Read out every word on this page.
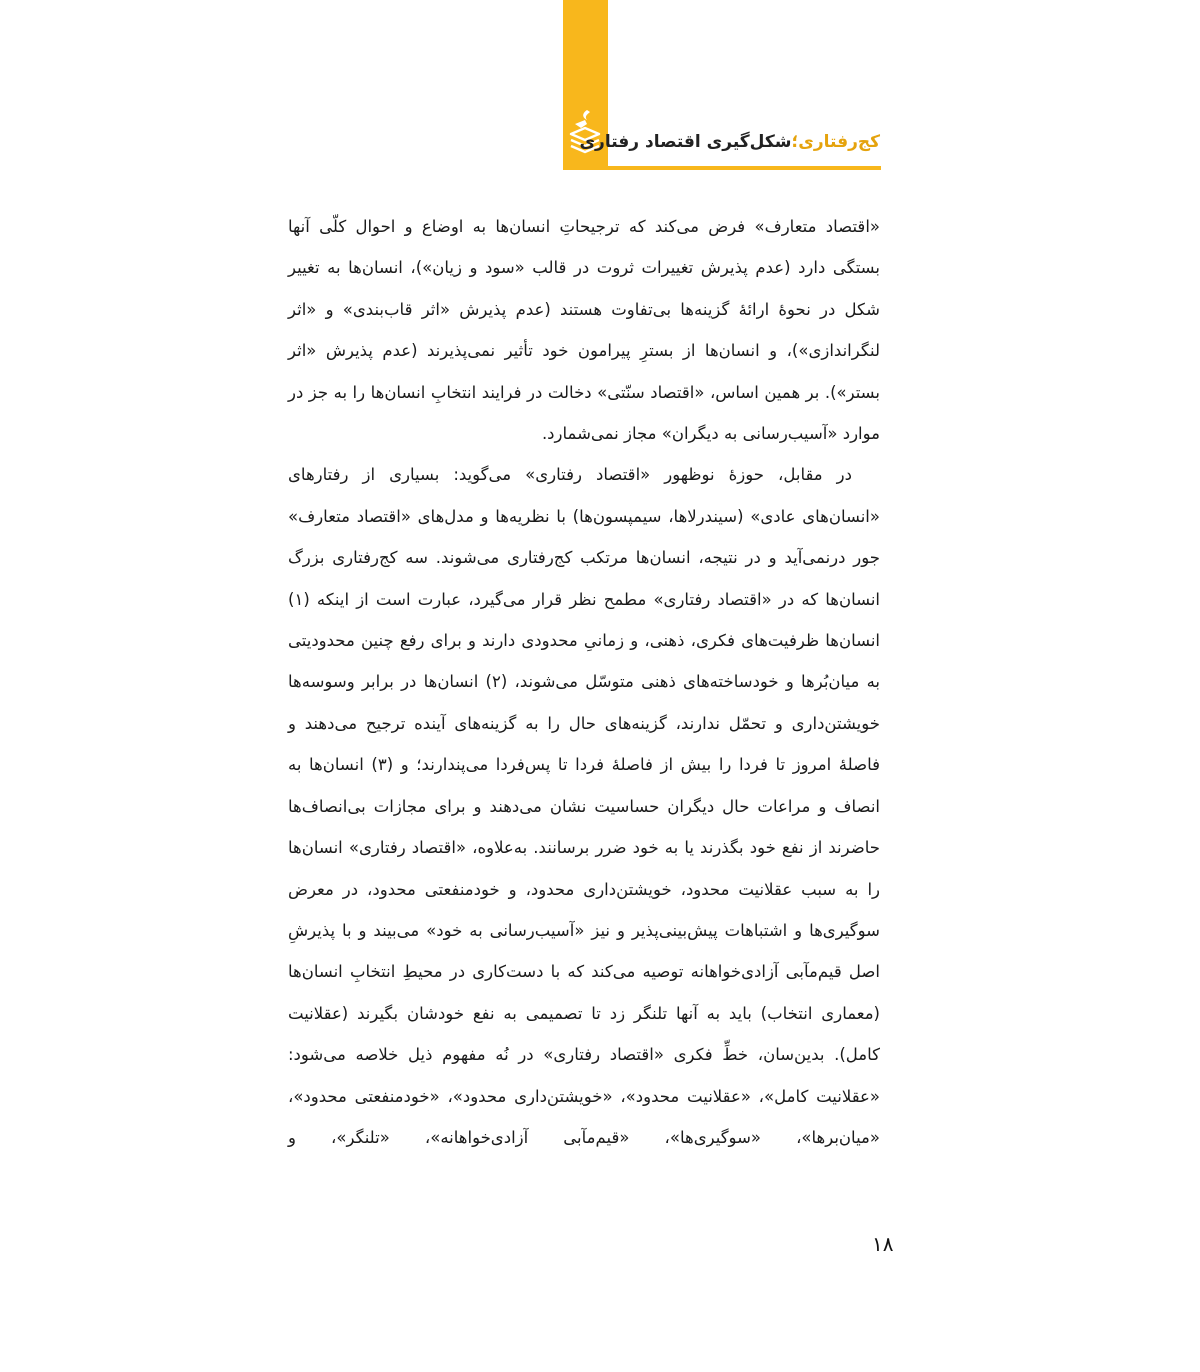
کج‌رفتاری؛شکل‌گیری اقتصاد رفتاری

«اقتصاد متعارف» فرض می‌کند که ترجیحاتِ انسان‌ها به اوضاع و احوال کلّی آنها بستگی دارد (عدم پذیرش تغییرات ثروت در قالب «سود و زیان»)، انسان‌ها به تغییر شکل در نحوهٔ ارائهٔ گزینه‌ها بی‌تفاوت هستند (عدم پذیرش «اثر قاب‌بندی» و «اثر لنگراندازی»)، و انسان‌ها از بسترِ پیرامون خود تأثیر نمی‌پذیرند (عدم پذیرش «اثر بستر»). بر همین اساس، «اقتصاد سنّتی» دخالت در فرایند انتخابِ انسان‌ها را به جز در موارد «آسیب‌رسانی به دیگران» مجاز نمی‌شمارد.

در مقابل، حوزهٔ نوظهور «اقتصاد رفتاری» می‌گوید: بسیاری از رفتارهای «انسان‌های عادی» (سیندرلاها، سیمپسون‌ها) با نظریه‌ها و مدل‌های «اقتصاد متعارف» جور درنمی‌آید و در نتیجه، انسان‌ها مرتکب کج‌رفتاری می‌شوند. سه کج‌رفتاری بزرگ انسان‌ها که در «اقتصاد رفتاری» مطمح نظر قرار می‌گیرد، عبارت است از اینکه (۱) انسان‌ها ظرفیت‌های فکری، ذهنی، و زمانیِ محدودی دارند و برای رفع چنین محدودیتی به میان‌بُرها و خودساخته‌های ذهنی متوسّل می‌شوند، (۲) انسان‌ها در برابر وسوسه‌ها خویشتن‌داری و تحمّل ندارند، گزینه‌های حال را به گزینه‌های آینده ترجیح می‌دهند و فاصلهٔ امروز تا فردا را بیش از فاصلهٔ فردا تا پس‌فردا می‌پندارند؛ و (۳) انسان‌ها به انصاف و مراعات حال دیگران حساسیت نشان می‌دهند و برای مجازات بی‌انصاف‌ها حاضرند از نفع خود بگذرند یا به خود ضرر برسانند. به‌علاوه، «اقتصاد رفتاری» انسان‌ها را به سبب عقلانیت محدود، خویشتن‌داری محدود، و خودمنفعتی محدود، در معرض سوگیری‌ها و اشتباهات پیش‌بینی‌پذیر و نیز «آسیب‌رسانی به خود» می‌بیند و با پذیرشِ اصل قیم‌مآبی آزادی‌خواهانه توصیه می‌کند که با دست‌کاری در محیطِ انتخابِ انسان‌ها (معماری انتخاب) باید به آنها تلنگر زد تا تصمیمی به نفع خودشان بگیرند (عقلانیت کامل). بدین‌سان، خطِّ فکری «اقتصاد رفتاری» در نُه مفهوم ذیل خلاصه می‌شود: «عقلانیت کامل»، «عقلانیت محدود»، «خویشتن‌داری محدود»، «خودمنفعتی محدود»، «میان‌برها»، «سوگیری‌ها»، «قیم‌مآبی آزادی‌خواهانه»، «تلنگر»، و

۱۸
